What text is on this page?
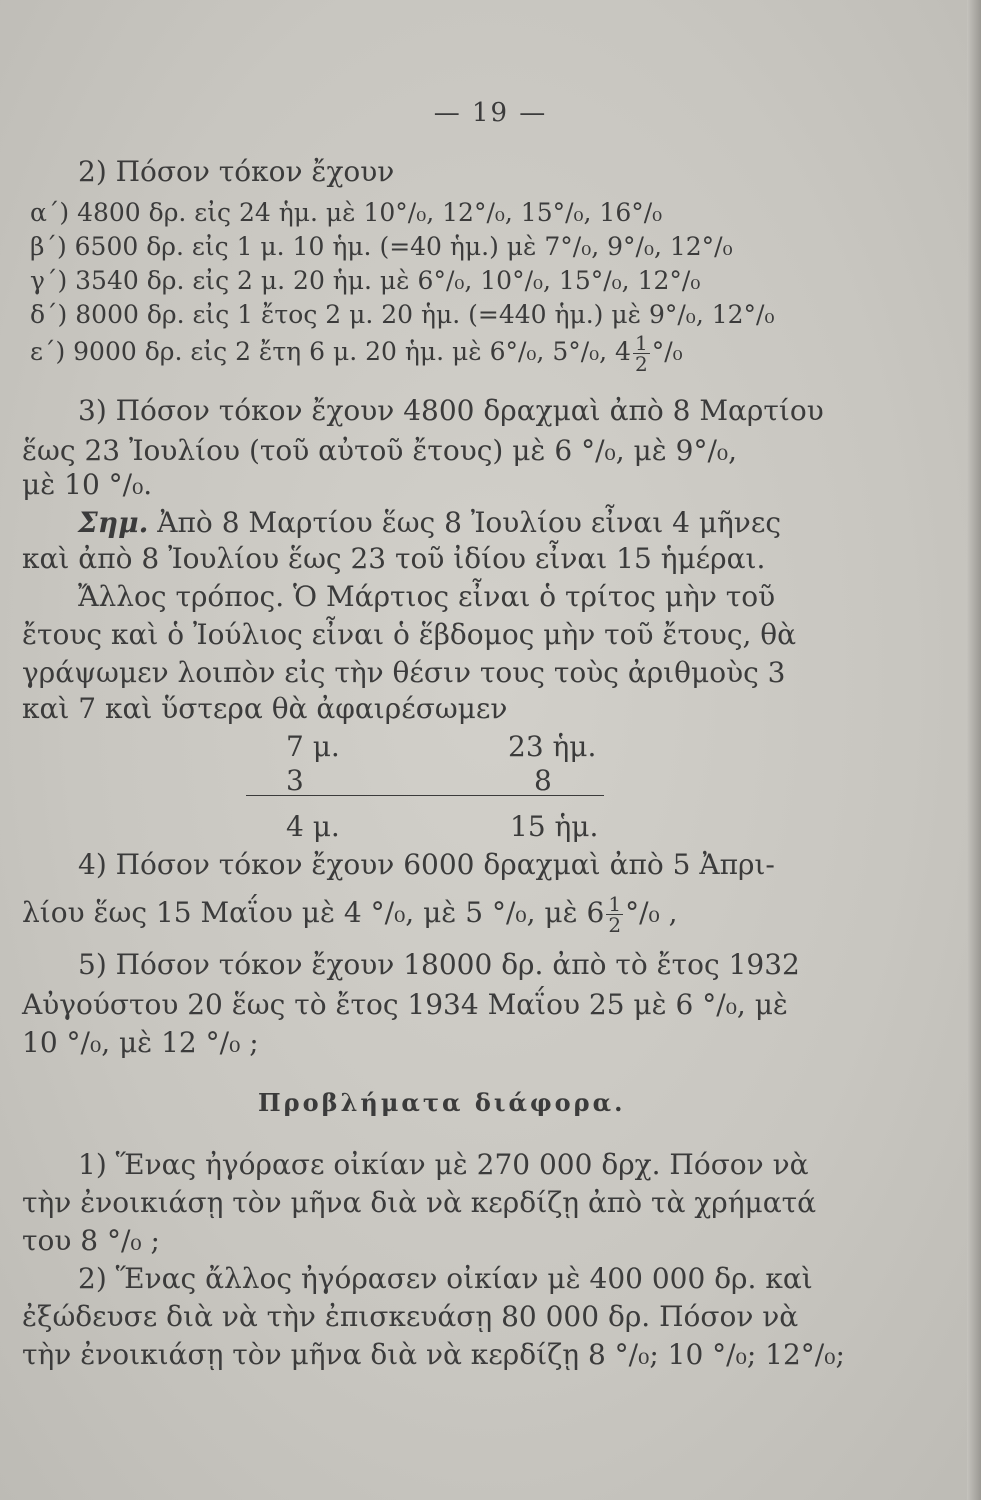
— 19 —
2) Πόσον τόκον ἔχουν
α΄) 4800 δρ. εἰς 24 ἡμ. μὲ 10°/₀, 12°/₀, 15°/₀, 16°/₀
β΄) 6500 δρ. εἰς 1 μ. 10 ἡμ. (=40 ἡμ.) μὲ 7°/₀, 9°/₀, 12°/₀
γ΄) 3540 δρ. εἰς 2 μ. 20 ἡμ. μὲ 6°/₀, 10°/₀, 15°/₀, 12°/₀
δ΄) 8000 δρ. εἰς 1 ἔτος 2 μ. 20 ἡμ. (=440 ἡμ.) μὲ 9°/₀, 12°/₀
ε΄) 9000 δρ. εἰς 2 ἔτη 6 μ. 20 ἡμ. μὲ 6°/₀, 5°/₀, $4 \frac{1}{2} ^\circ/_0$
3) Πόσον τόκον ἔχουν 4800 δραχμαὶ ἀπὸ 8 Μαρτίου
ἕως 23 Ἰουλίου (τοῦ αὐτοῦ ἔτους) μὲ 6 °/₀, μὲ 9°/₀,
μὲ 10 °/₀.
Σημ. Ἀπὸ 8 Μαρτίου ἕως 8 Ἰουλίου εἶναι 4 μῆνες
καὶ ἀπὸ 8 Ἰουλίου ἕως 23 τοῦ ἰδίου εἶναι 15 ἡμέραι.
Ἄλλος τρόπος. Ὁ Μάρτιος εἶναι ὁ τρίτος μὴν τοῦ
ἔτους καὶ ὁ Ἰούλιος εἶναι ὁ ἕβδομος μὴν τοῦ ἔτους, θὰ
γράψωμεν λοιπὸν εἰς τὴν θέσιν τους τοὺς ἀριθμοὺς 3
καὶ 7 καὶ ὕστερα θὰ ἀφαιρέσωμεν
7 μ.	23 ἡμ.
3	8
4 μ.	15 ἡμ.
4) Πόσον τόκον ἔχουν 6000 δραχμαὶ ἀπὸ 5 Ἀπρι-
λίου ἕως 15 Μαΐου μὲ 4 °/₀, μὲ 5 °/₀, μὲ $6 \frac{1}{2} ^\circ/_0$ ,
5) Πόσον τόκον ἔχουν 18000 δρ. ἀπὸ τὸ ἔτος 1932
Αὐγούστου 20 ἕως τὸ ἔτος 1934 Μαΐου 25 μὲ 6 °/₀, μὲ
10 °/₀, μὲ 12 °/₀ ;
Προβλήματα διάφορα.
1) Ἕνας ἠγόρασε οἰκίαν μὲ 270 000 δρχ. Πόσον νὰ
τὴν ἐνοικιάσῃ τὸν μῆνα διὰ νὰ κερδίζῃ ἀπὸ τὰ χρήματά
του 8 °/₀ ;
2) Ἕνας ἄλλος ἠγόρασεν οἰκίαν μὲ 400 000 δρ. καὶ
ἐξώδευσε διὰ νὰ τὴν ἐπισκευάσῃ 80 000 δρ. Πόσον νὰ
τὴν ἐνοικιάσῃ τὸν μῆνα διὰ νὰ κερδίζῃ 8 °/₀; 10 °/₀; 12°/₀;
